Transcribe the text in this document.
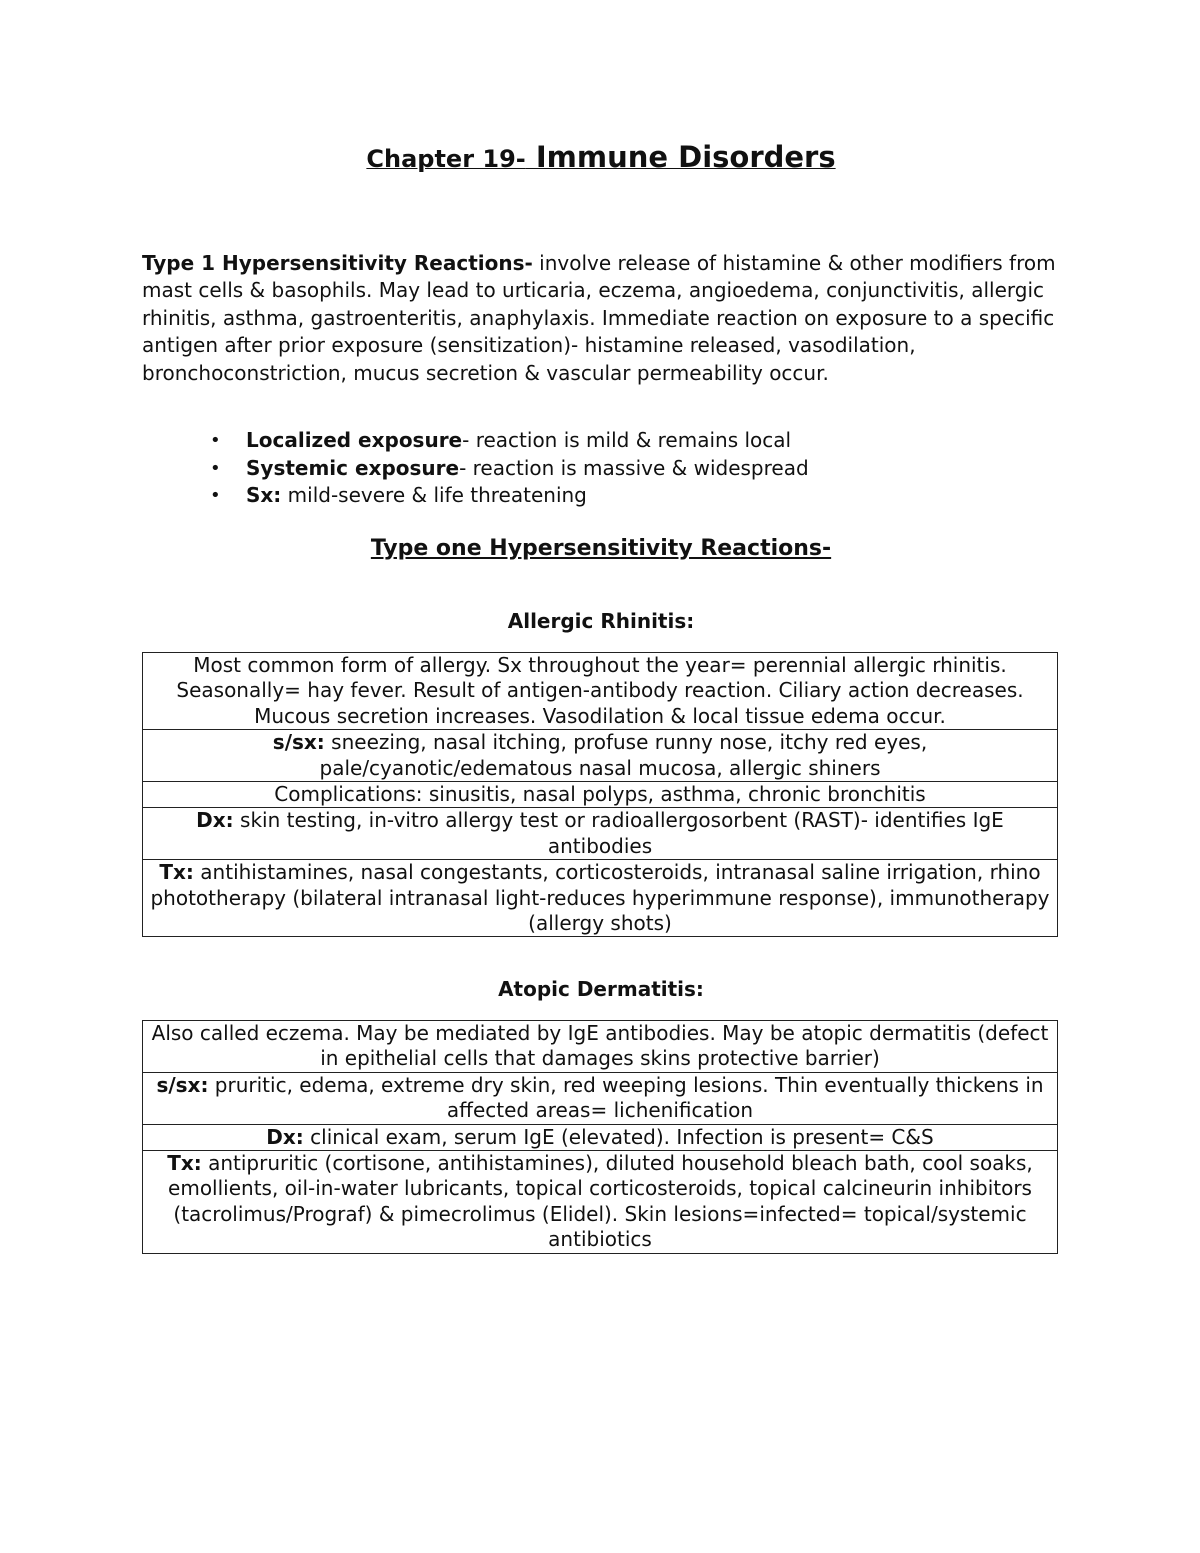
Chapter 19- Immune Disorders

Type 1 Hypersensitivity Reactions- involve release of histamine & other modifiers from mast cells & basophils. May lead to urticaria, eczema, angioedema, conjunctivitis, allergic rhinitis, asthma, gastroenteritis, anaphylaxis. Immediate reaction on exposure to a specific antigen after prior exposure (sensitization)- histamine released, vasodilation, bronchoconstriction, mucus secretion & vascular permeability occur.

• Localized exposure- reaction is mild & remains local
• Systemic exposure- reaction is massive & widespread
• Sx: mild-severe & life threatening
Type one Hypersensitivity Reactions-
Allergic Rhinitis:
Most common form of allergy. Sx throughout the year= perennial allergic rhinitis. Seasonally= hay fever. Result of antigen-antibody reaction. Ciliary action decreases. Mucous secretion increases. Vasodilation & local tissue edema occur.
s/sx: sneezing, nasal itching, profuse runny nose, itchy red eyes, pale/cyanotic/edematous nasal mucosa, allergic shiners
Complications: sinusitis, nasal polyps, asthma, chronic bronchitis
Dx: skin testing, in-vitro allergy test or radioallergosorbent (RAST)- identifies IgE antibodies
Tx: antihistamines, nasal congestants, corticosteroids, intranasal saline irrigation, rhino phototherapy (bilateral intranasal light-reduces hyperimmune response), immunotherapy (allergy shots)
Atopic Dermatitis:
Also called eczema. May be mediated by IgE antibodies. May be atopic dermatitis (defect in epithelial cells that damages skins protective barrier)
s/sx: pruritic, edema, extreme dry skin, red weeping lesions. Thin eventually thickens in affected areas= lichenification
Dx: clinical exam, serum IgE (elevated). Infection is present= C&S
Tx: antipruritic (cortisone, antihistamines), diluted household bleach bath, cool soaks, emollients, oil-in-water lubricants, topical corticosteroids, topical calcineurin inhibitors (tacrolimus/Prograf) & pimecrolimus (Elidel). Skin lesions=infected= topical/systemic antibiotics
